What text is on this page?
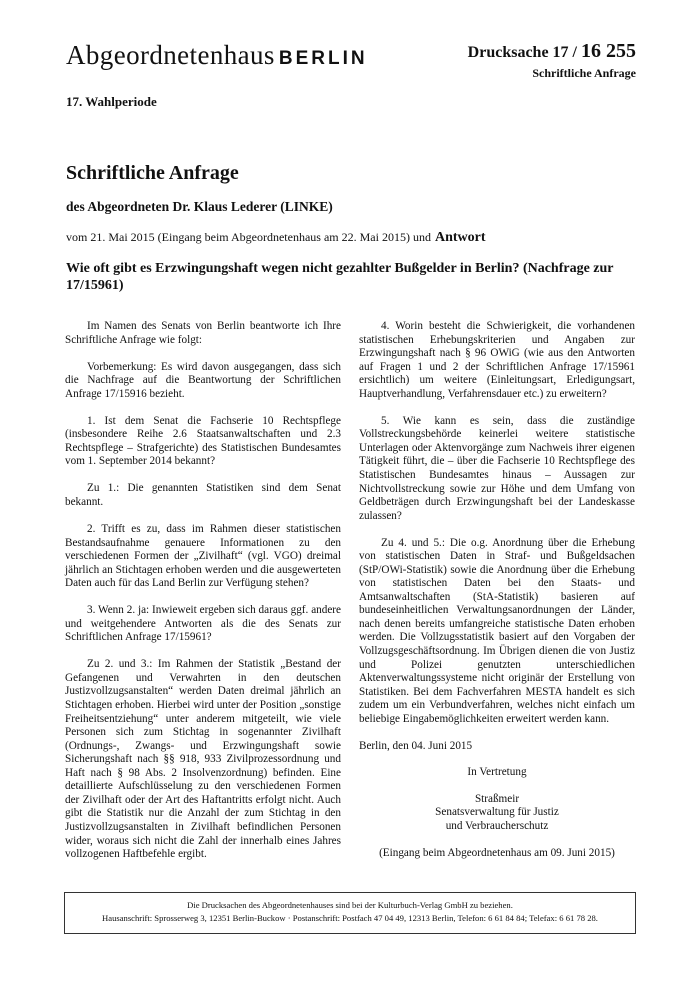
Abgeordnetenhaus BERLIN	Drucksache 17 / 16 255
Schriftliche Anfrage
17. Wahlperiode
Schriftliche Anfrage
des Abgeordneten Dr. Klaus Lederer (LINKE)
vom 21. Mai 2015 (Eingang beim Abgeordnetenhaus am 22. Mai 2015) und Antwort
Wie oft gibt es Erzwingungshaft wegen nicht gezahlter Bußgelder in Berlin? (Nachfrage zur 17/15961)

Im Namen des Senats von Berlin beantworte ich Ihre Schriftliche Anfrage wie folgt:

Vorbemerkung: Es wird davon ausgegangen, dass sich die Nachfrage auf die Beantwortung der Schriftlichen Anfrage 17/15916 bezieht.

1. Ist dem Senat die Fachserie 10 Rechtspflege (insbesondere Reihe 2.6 Staatsanwaltschaften und 2.3 Rechtspflege – Strafgerichte) des Statistischen Bundesamtes vom 1. September 2014 bekannt?

Zu 1.: Die genannten Statistiken sind dem Senat bekannt.

2. Trifft es zu, dass im Rahmen dieser statistischen Bestandsaufnahme genauere Informationen zu den verschiedenen Formen der „Zivilhaft“ (vgl. VGO) dreimal jährlich an Stichtagen erhoben werden und die ausgewerteten Daten auch für das Land Berlin zur Verfügung stehen?

3. Wenn 2. ja: Inwieweit ergeben sich daraus ggf. andere und weitgehendere Antworten als die des Senats zur Schriftlichen Anfrage 17/15961?

Zu 2. und 3.: Im Rahmen der Statistik „Bestand der Gefangenen und Verwahrten in den deutschen Justizvollzugsanstalten“ werden Daten dreimal jährlich an Stichtagen erhoben. Hierbei wird unter der Position „sonstige Freiheitsentziehung“ unter anderem mitgeteilt, wie viele Personen sich zum Stichtag in sogenannter Zivilhaft (Ordnungs-, Zwangs- und Erzwingungshaft sowie Sicherungshaft nach §§ 918, 933 Zivilprozessordnung und Haft nach § 98 Abs. 2 Insolvenzordnung) befinden. Eine detaillierte Aufschlüsselung zu den verschiedenen Formen der Zivilhaft oder der Art des Haftantritts erfolgt nicht. Auch gibt die Statistik nur die Anzahl der zum Stichtag in den Justizvollzugsanstalten in Zivilhaft befindlichen Personen wider, woraus sich nicht die Zahl der innerhalb eines Jahres vollzogenen Haftbefehle ergibt.

4. Worin besteht die Schwierigkeit, die vorhandenen statistischen Erhebungskriterien und Angaben zur Erzwingungshaft nach § 96 OWiG (wie aus den Antworten auf Fragen 1 und 2 der Schriftlichen Anfrage 17/15961 ersichtlich) um weitere (Einleitungsart, Erledigungsart, Hauptverhandlung, Verfahrensdauer etc.) zu erweitern?

5. Wie kann es sein, dass die zuständige Vollstreckungsbehörde keinerlei weitere statistische Unterlagen oder Aktenvorgänge zum Nachweis ihrer eigenen Tätigkeit führt, die – über die Fachserie 10 Rechtspflege des Statistischen Bundesamtes hinaus – Aussagen zur Nichtvollstreckung sowie zur Höhe und dem Umfang von Geldbeträgen durch Erzwingungshaft bei der Landeskasse zulassen?

Zu 4. und 5.: Die o.g. Anordnung über die Erhebung von statistischen Daten in Straf- und Bußgeldsachen (StP/OWi-Statistik) sowie die Anordnung über die Erhebung von statistischen Daten bei den Staats- und Amtsanwaltschaften (StA-Statistik) basieren auf bundeseinheitlichen Verwaltungsanordnungen der Länder, nach denen bereits umfangreiche statistische Daten erhoben werden. Die Vollzugsstatistik basiert auf den Vorgaben der Vollzugsgeschäftsordnung. Im Übrigen dienen die von Justiz und Polizei genutzten unterschiedlichen Aktenverwaltungssysteme nicht originär der Erstellung von Statistiken. Bei dem Fachverfahren MESTA handelt es sich zudem um ein Verbundverfahren, welches nicht einfach um beliebige Eingabemöglichkeiten erweitert werden kann.

Berlin, den 04. Juni 2015

In Vertretung
Straßmeir
Senatsverwaltung für Justiz
und Verbraucherschutz
(Eingang beim Abgeordnetenhaus am 09. Juni 2015)
Die Drucksachen des Abgeordnetenhauses sind bei der Kulturbuch-Verlag GmbH zu beziehen.
Hausanschrift: Sprosserweg 3, 12351 Berlin-Buckow · Postanschrift: Postfach 47 04 49, 12313 Berlin, Telefon: 6 61 84 84; Telefax: 6 61 78 28.
